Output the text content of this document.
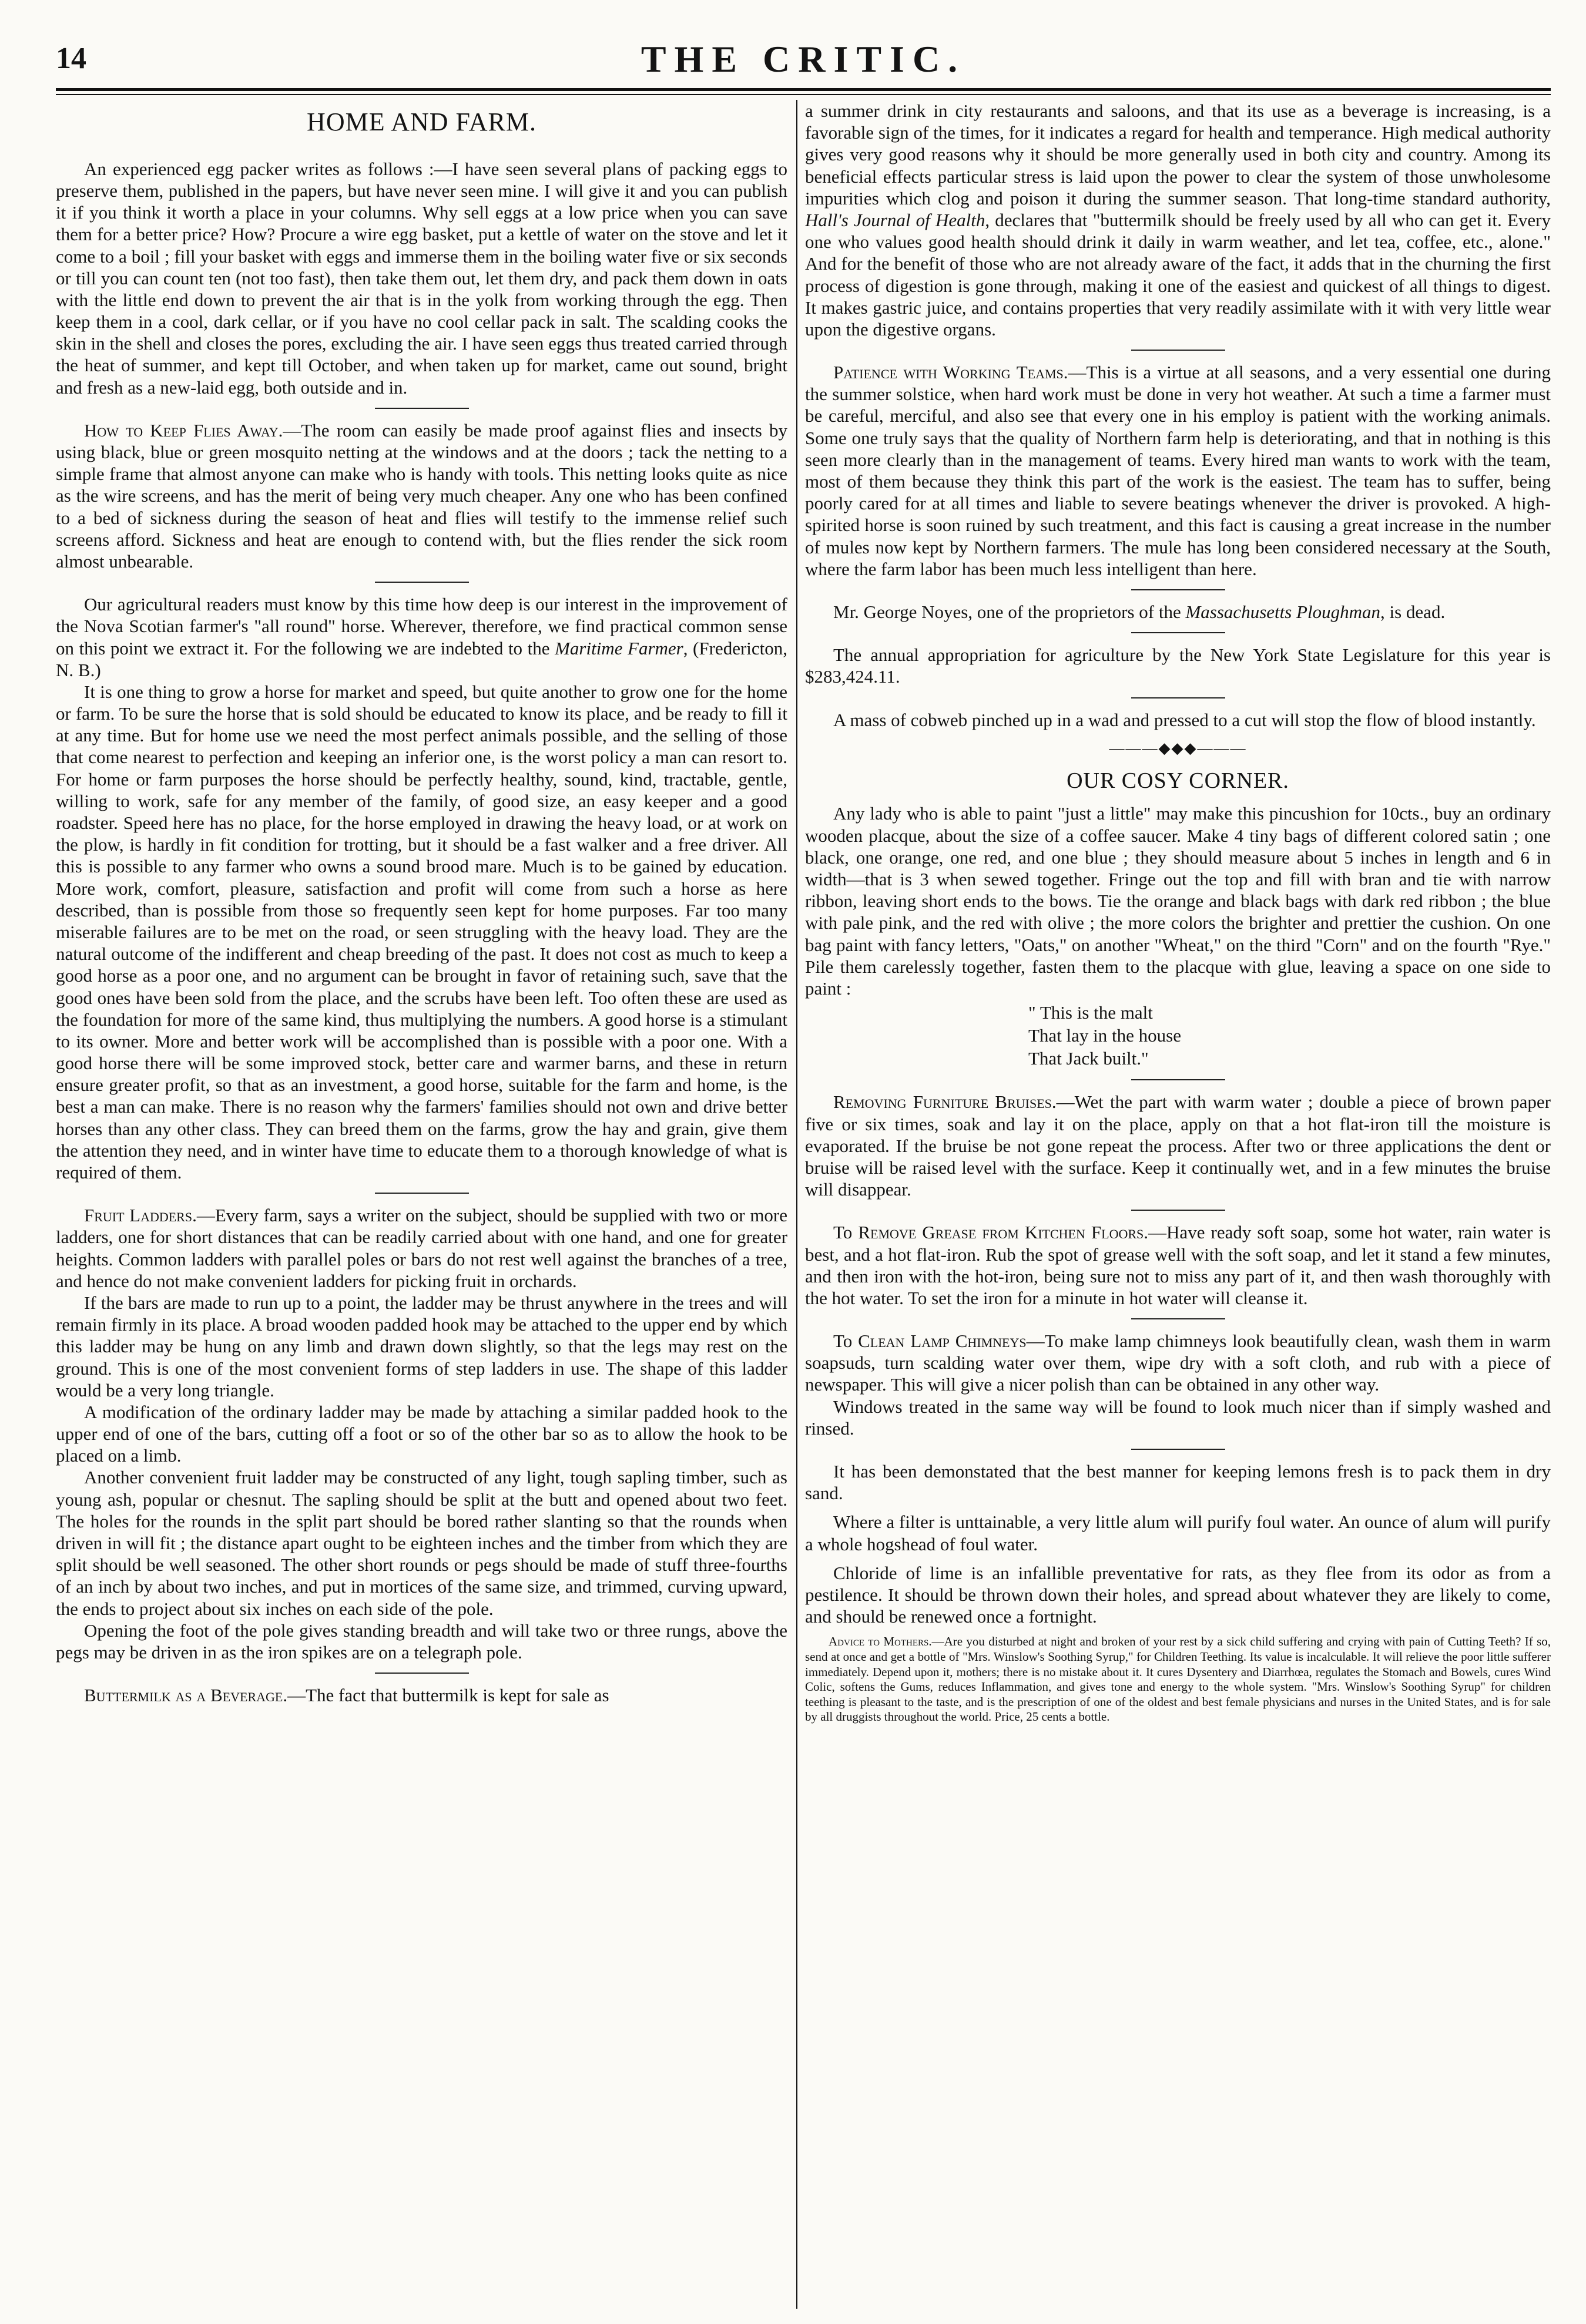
14	THE CRITIC.
HOME AND FARM.

An experienced egg packer writes as follows :—I have seen several plans of packing eggs to preserve them, published in the papers, but have never seen mine. I will give it and you can publish it if you think it worth a place in your columns. Why sell eggs at a low price when you can save them for a better price? How? Procure a wire egg basket, put a kettle of water on the stove and let it come to a boil ; fill your basket with eggs and immerse them in the boiling water five or six seconds or till you can count ten (not too fast), then take them out, let them dry, and pack them down in oats with the little end down to prevent the air that is in the yolk from working through the egg. Then keep them in a cool, dark cellar, or if you have no cool cellar pack in salt. The scalding cooks the skin in the shell and closes the pores, excluding the air. I have seen eggs thus treated carried through the heat of summer, and kept till October, and when taken up for market, came out sound, bright and fresh as a new-laid egg, both outside and in.

How to Keep Flies Away.—The room can easily be made proof against flies and insects by using black, blue or green mosquito netting at the windows and at the doors ; tack the netting to a simple frame that almost anyone can make who is handy with tools. This netting looks quite as nice as the wire screens, and has the merit of being very much cheaper. Any one who has been confined to a bed of sickness during the season of heat and flies will testify to the immense relief such screens afford. Sickness and heat are enough to contend with, but the flies render the sick room almost unbearable.

Our agricultural readers must know by this time how deep is our interest in the improvement of the Nova Scotian farmer's "all round" horse. Wherever, therefore, we find practical common sense on this point we extract it. For the following we are indebted to the Maritime Farmer, (Fredericton, N. B.)

It is one thing to grow a horse for market and speed, but quite another to grow one for the home or farm. To be sure the horse that is sold should be educated to know its place, and be ready to fill it at any time. But for home use we need the most perfect animals possible, and the selling of those that come nearest to perfection and keeping an inferior one, is the worst policy a man can resort to. For home or farm purposes the horse should be perfectly healthy, sound, kind, tractable, gentle, willing to work, safe for any member of the family, of good size, an easy keeper and a good roadster. Speed here has no place, for the horse employed in drawing the heavy load, or at work on the plow, is hardly in fit condition for trotting, but it should be a fast walker and a free driver. All this is possible to any farmer who owns a sound brood mare. Much is to be gained by education. More work, comfort, pleasure, satisfaction and profit will come from such a horse as here described, than is possible from those so frequently seen kept for home purposes. Far too many miserable failures are to be met on the road, or seen struggling with the heavy load. They are the natural outcome of the indifferent and cheap breeding of the past. It does not cost as much to keep a good horse as a poor one, and no argument can be brought in favor of retaining such, save that the good ones have been sold from the place, and the scrubs have been left. Too often these are used as the foundation for more of the same kind, thus multiplying the numbers. A good horse is a stimulant to its owner. More and better work will be accomplished than is possible with a poor one. With a good horse there will be some improved stock, better care and warmer barns, and these in return ensure greater profit, so that as an investment, a good horse, suitable for the farm and home, is the best a man can make. There is no reason why the farmers' families should not own and drive better horses than any other class. They can breed them on the farms, grow the hay and grain, give them the attention they need, and in winter have time to educate them to a thorough knowledge of what is required of them.

Fruit Ladders.—Every farm, says a writer on the subject, should be supplied with two or more ladders, one for short distances that can be readily carried about with one hand, and one for greater heights. Common ladders with parallel poles or bars do not rest well against the branches of a tree, and hence do not make convenient ladders for picking fruit in orchards.

If the bars are made to run up to a point, the ladder may be thrust anywhere in the trees and will remain firmly in its place. A broad wooden padded hook may be attached to the upper end by which this ladder may be hung on any limb and drawn down slightly, so that the legs may rest on the ground. This is one of the most convenient forms of step ladders in use. The shape of this ladder would be a very long triangle.

A modification of the ordinary ladder may be made by attaching a similar padded hook to the upper end of one of the bars, cutting off a foot or so of the other bar so as to allow the hook to be placed on a limb.

Another convenient fruit ladder may be constructed of any light, tough sapling timber, such as young ash, popular or chesnut. The sapling should be split at the butt and opened about two feet. The holes for the rounds in the split part should be bored rather slanting so that the rounds when driven in will fit ; the distance apart ought to be eighteen inches and the timber from which they are split should be well seasoned. The other short rounds or pegs should be made of stuff three-fourths of an inch by about two inches, and put in mortices of the same size, and trimmed, curving upward, the ends to project about six inches on each side of the pole.

Opening the foot of the pole gives standing breadth and will take two or three rungs, above the pegs may be driven in as the iron spikes are on a telegraph pole.

Buttermilk as a Beverage.—The fact that buttermilk is kept for sale as

a summer drink in city restaurants and saloons, and that its use as a beverage is increasing, is a favorable sign of the times, for it indicates a regard for health and temperance. High medical authority gives very good reasons why it should be more generally used in both city and country. Among its beneficial effects particular stress is laid upon the power to clear the system of those unwholesome impurities which clog and poison it during the summer season. That long-time standard authority, Hall's Journal of Health, declares that "buttermilk should be freely used by all who can get it. Every one who values good health should drink it daily in warm weather, and let tea, coffee, etc., alone." And for the benefit of those who are not already aware of the fact, it adds that in the churning the first process of digestion is gone through, making it one of the easiest and quickest of all things to digest. It makes gastric juice, and contains properties that very readily assimilate with it with very little wear upon the digestive organs.

Patience with Working Teams.—This is a virtue at all seasons, and a very essential one during the summer solstice, when hard work must be done in very hot weather. At such a time a farmer must be careful, merciful, and also see that every one in his employ is patient with the working animals. Some one truly says that the quality of Northern farm help is deteriorating, and that in nothing is this seen more clearly than in the management of teams. Every hired man wants to work with the team, most of them because they think this part of the work is the easiest. The team has to suffer, being poorly cared for at all times and liable to severe beatings whenever the driver is provoked. A high-spirited horse is soon ruined by such treatment, and this fact is causing a great increase in the number of mules now kept by Northern farmers. The mule has long been considered necessary at the South, where the farm labor has been much less intelligent than here.

Mr. George Noyes, one of the proprietors of the Massachusetts Ploughman, is dead.

The annual appropriation for agriculture by the New York State Legislature for this year is $283,424.11.

A mass of cobweb pinched up in a wad and pressed to a cut will stop the flow of blood instantly.

———◆◆◆———
OUR COSY CORNER.

Any lady who is able to paint "just a little" may make this pincushion for 10cts., buy an ordinary wooden placque, about the size of a coffee saucer. Make 4 tiny bags of different colored satin ; one black, one orange, one red, and one blue ; they should measure about 5 inches in length and 6 in width—that is 3 when sewed together. Fringe out the top and fill with bran and tie with narrow ribbon, leaving short ends to the bows. Tie the orange and black bags with dark red ribbon ; the blue with pale pink, and the red with olive ; the more colors the brighter and prettier the cushion. On one bag paint with fancy letters, "Oats," on another "Wheat," on the third "Corn" and on the fourth "Rye." Pile them carelessly together, fasten them to the placque with glue, leaving a space on one side to paint :

" This is the malt
That lay in the house
That Jack built."

Removing Furniture Bruises.—Wet the part with warm water ; double a piece of brown paper five or six times, soak and lay it on the place, apply on that a hot flat-iron till the moisture is evaporated. If the bruise be not gone repeat the process. After two or three applications the dent or bruise will be raised level with the surface. Keep it continually wet, and in a few minutes the bruise will disappear.

To Remove Grease from Kitchen Floors.—Have ready soft soap, some hot water, rain water is best, and a hot flat-iron. Rub the spot of grease well with the soft soap, and let it stand a few minutes, and then iron with the hot-iron, being sure not to miss any part of it, and then wash thoroughly with the hot water. To set the iron for a minute in hot water will cleanse it.

To Clean Lamp Chimneys—To make lamp chimneys look beautifully clean, wash them in warm soapsuds, turn scalding water over them, wipe dry with a soft cloth, and rub with a piece of newspaper. This will give a nicer polish than can be obtained in any other way.

Windows treated in the same way will be found to look much nicer than if simply washed and rinsed.

It has been demonstated that the best manner for keeping lemons fresh is to pack them in dry sand.

Where a filter is unttainable, a very little alum will purify foul water. An ounce of alum will purify a whole hogshead of foul water.

Chloride of lime is an infallible preventative for rats, as they flee from its odor as from a pestilence. It should be thrown down their holes, and spread about whatever they are likely to come, and should be renewed once a fortnight.

Advice to Mothers.—Are you disturbed at night and broken of your rest by a sick child suffering and crying with pain of Cutting Teeth? If so, send at once and get a bottle of "Mrs. Winslow's Soothing Syrup," for Children Teething. Its value is incalculable. It will relieve the poor little sufferer immediately. Depend upon it, mothers; there is no mistake about it. It cures Dysentery and Diarrhœa, regulates the Stomach and Bowels, cures Wind Colic, softens the Gums, reduces Inflammation, and gives tone and energy to the whole system. "Mrs. Winslow's Soothing Syrup" for children teething is pleasant to the taste, and is the prescription of one of the oldest and best female physicians and nurses in the United States, and is for sale by all druggists throughout the world. Price, 25 cents a bottle.
